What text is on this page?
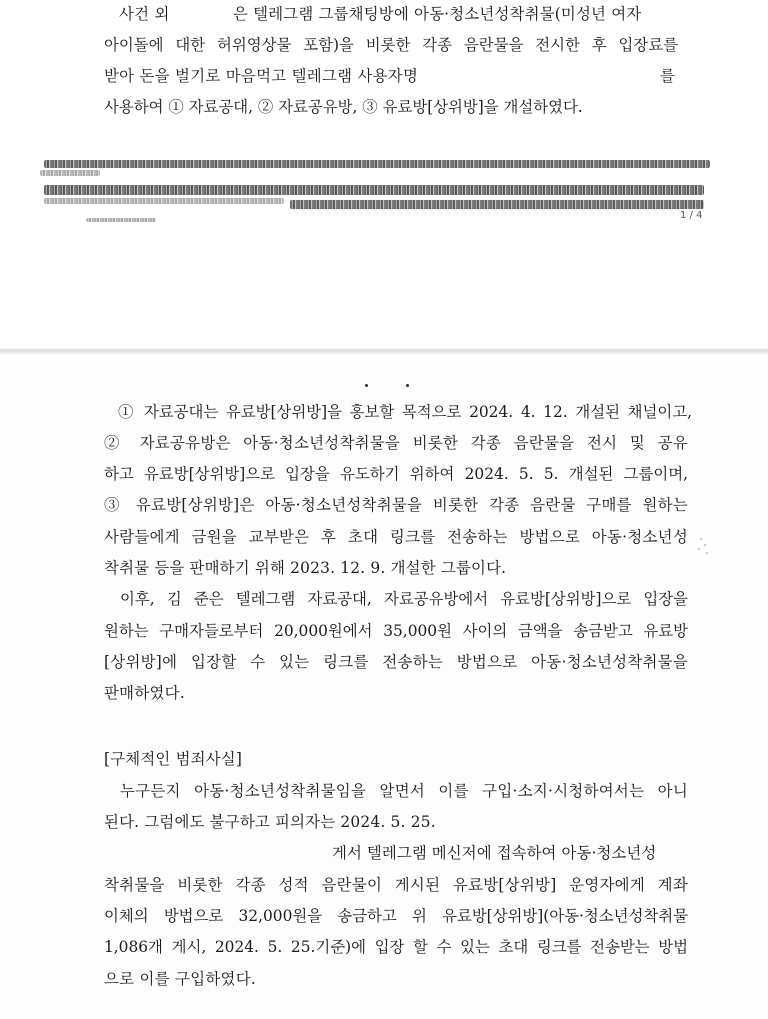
사건 외	은 텔레그램 그룹채팅방에 아동·청소년성착취물(미성년 여자
아이돌에 대한 허위영상물 포함)을 비롯한 각종 음란물을 전시한 후 입장료를
받아 돈을 벌기로 마음먹고 텔레그램 사용자명	를
사용하여 ① 자료공대, ② 자료공유방, ③ 유료방[상위방]을 개설하였다.
1 / 4
① 자료공대는 유료방[상위방]을 홍보할 목적으로 2024. 4. 12. 개설된 채널이고,
② 자료공유방은 아동·청소년성착취물을 비롯한 각종 음란물을 전시 및 공유
하고 유료방[상위방]으로 입장을 유도하기 위하여 2024. 5. 5. 개설된 그룹이며,
③ 유료방[상위방]은 아동·청소년성착취물을 비롯한 각종 음란물 구매를 원하는
사람들에게 금원을 교부받은 후 초대 링크를 전송하는 방법으로 아동·청소년성
착취물 등을 판매하기 위해 2023. 12. 9. 개설한 그룹이다.
이후, 김 준은 텔레그램 자료공대, 자료공유방에서 유료방[상위방]으로 입장을
원하는 구매자들로부터 20,000원에서 35,000원 사이의 금액을 송금받고 유료방
[상위방]에 입장할 수 있는 링크를 전송하는 방법으로 아동·청소년성착취물을
판매하였다.
[구체적인 범죄사실]
누구든지 아동·청소년성착취물임을 알면서 이를 구입·소지·시청하여서는 아니
된다. 그럼에도 불구하고 피의자는 2024. 5. 25.
게서 텔레그램 메신저에 접속하여 아동·청소년성
착취물을 비롯한 각종 성적 음란물이 게시된 유료방[상위방] 운영자에게 계좌
이체의 방법으로 32,000원을 송금하고 위 유료방[상위방](아동·청소년성착취물
1,086개 게시, 2024. 5. 25.기준)에 입장 할 수 있는 초대 링크를 전송받는 방법
으로 이를 구입하였다.
